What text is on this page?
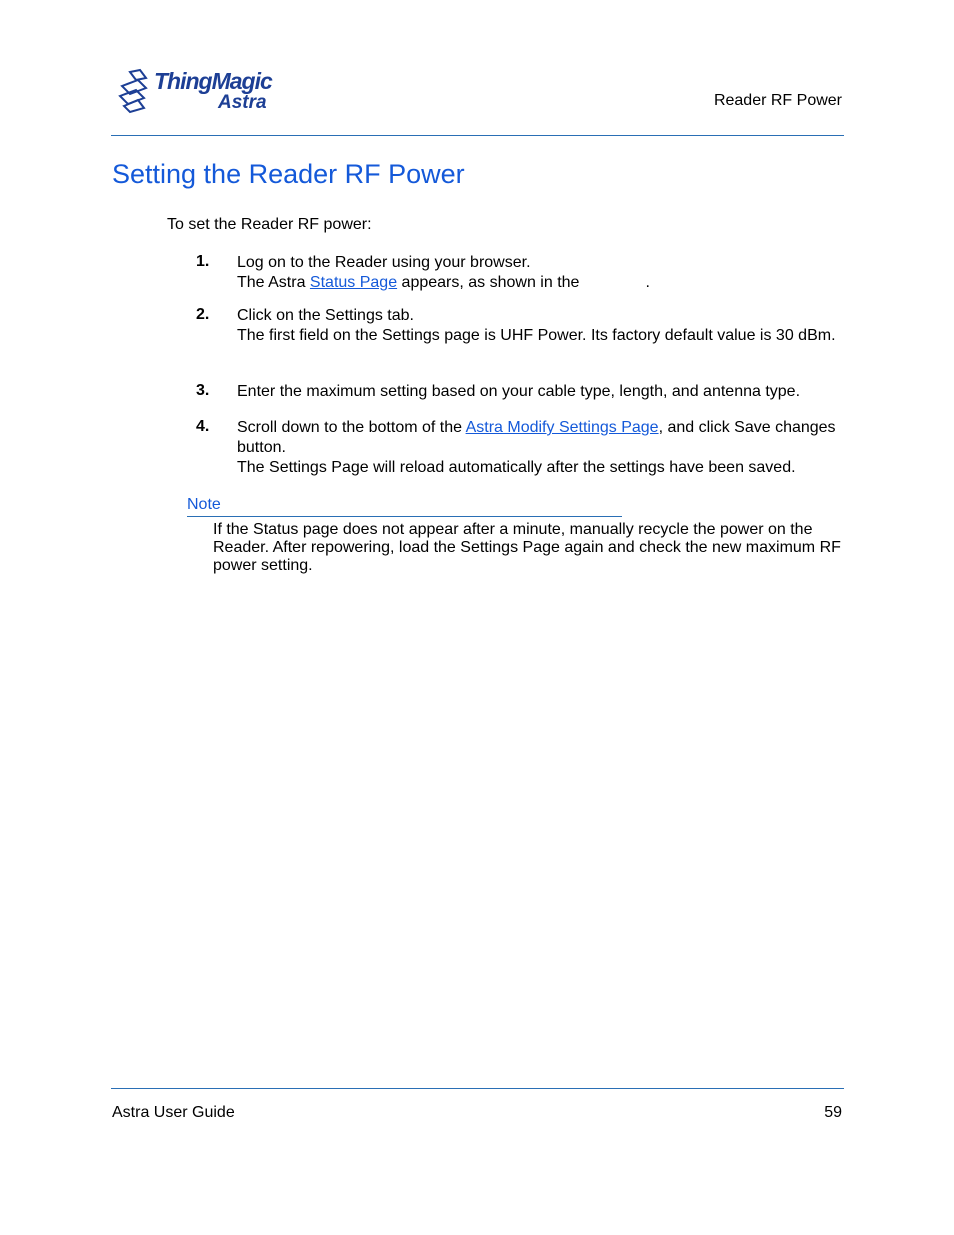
ThingMagic
Astra	Reader RF Power
Setting the Reader RF Power
To set the Reader RF power:
1. Log on to the Reader using your browser.
The Astra Status Page appears, as shown in the	.
2. Click on the Settings tab.
The first field on the Settings page is UHF Power. Its factory default value is 30 dBm.
3. Enter the maximum setting based on your cable type, length, and antenna type.
4. Scroll down to the bottom of the Astra Modify Settings Page, and click Save changes button.
The Settings Page will reload automatically after the settings have been saved.
Note
If the Status page does not appear after a minute, manually recycle the power on the Reader. After repowering, load the Settings Page again and check the new maximum RF power setting.
Astra User Guide	59
